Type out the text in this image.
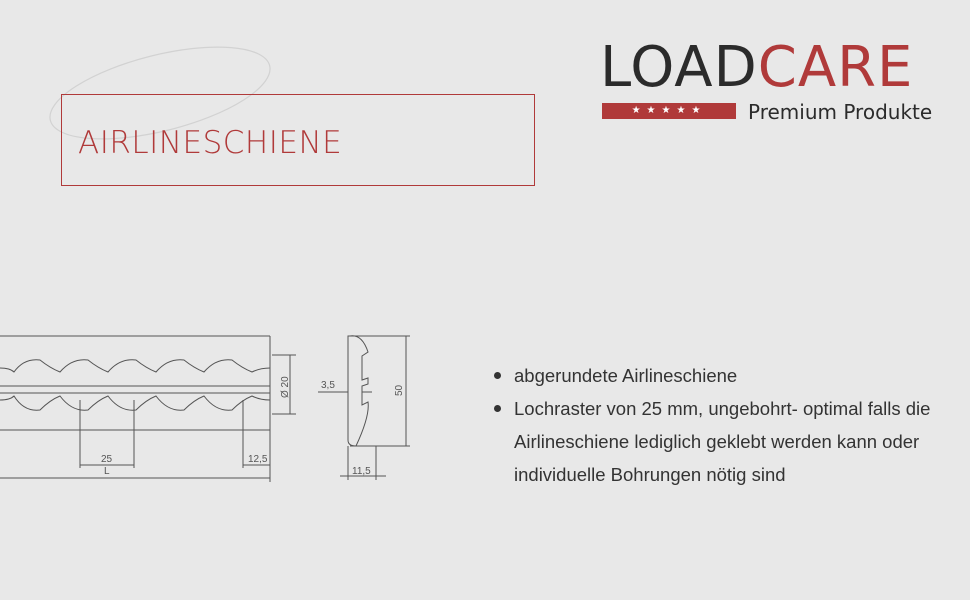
AIRLINESCHIENE
LOADCARE
★★★★★	Premium Produkte
25
L
12,5
Ø 20	3,5	50
11,5
abgerundete Airlineschiene
Lochraster von 25 mm, ungebohrt- optimal falls die Airlineschiene lediglich geklebt werden kann oder individuelle Bohrungen nötig sind
